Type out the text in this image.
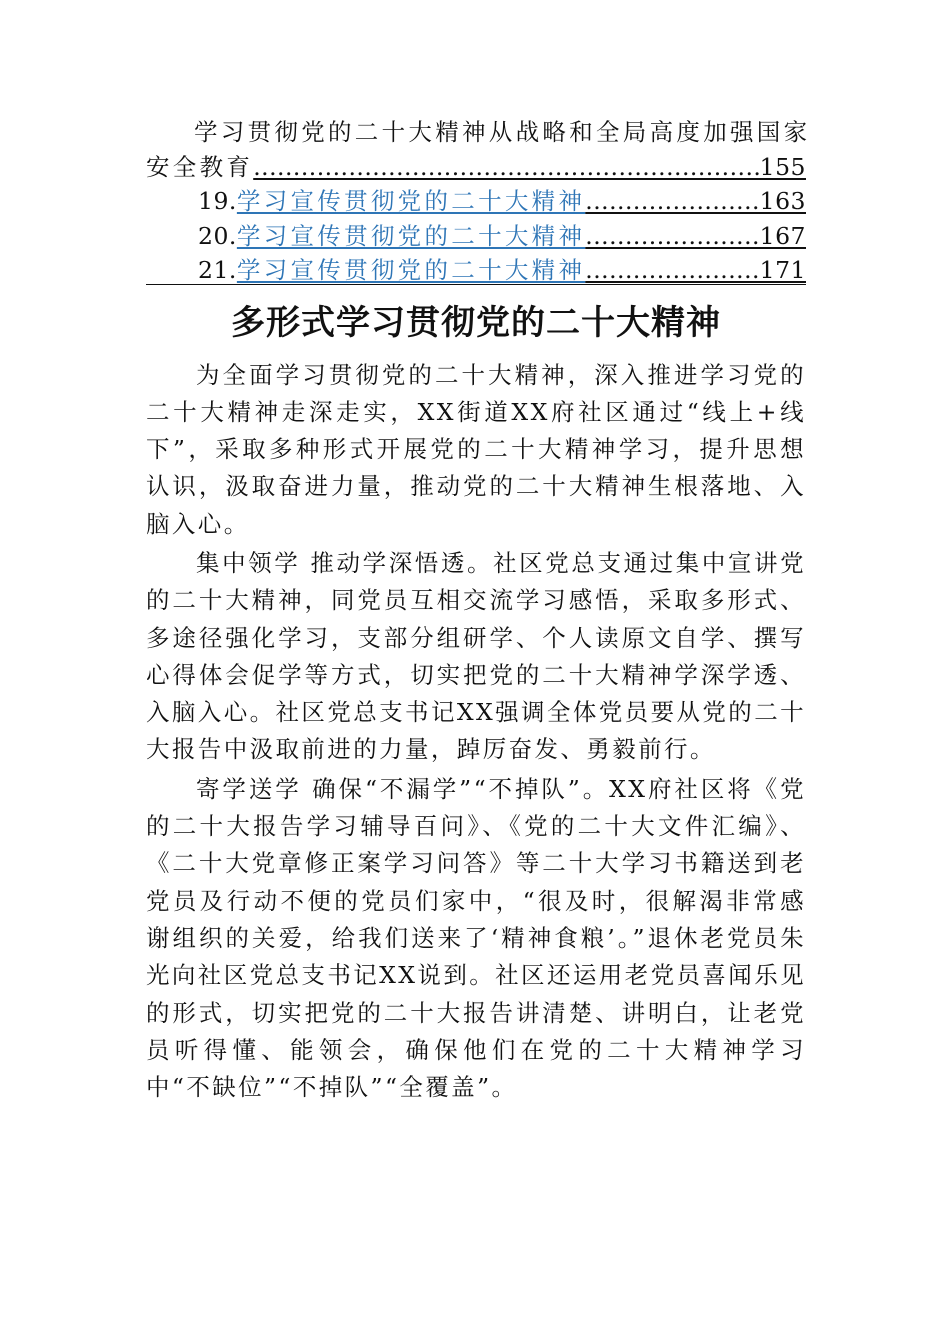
学习贯彻党的二十大精神从战略和全局高度加强国家
安全教育 . . .	155
19. 学习宣传贯彻党的二十大精神 . . .	163
20. 学习宣传贯彻党的二十大精神 . . .	167
21. 学习宣传贯彻党的二十大精神 . . .	171
多形式学习贯彻党的二十大精神

为全面学习贯彻党的二十大精神，深入推进学习党的二十大精神走深走实，XX街道XX府社区通过“线上+线下”，采取多种形式开展党的二十大精神学习，提升思想认识，汲取奋进力量，推动党的二十大精神生根落地、入脑入心。

集中领学 推动学深悟透。社区党总支通过集中宣讲党的二十大精神，同党员互相交流学习感悟，采取多形式、多途径强化学习，支部分组研学、个人读原文自学、撰写心得体会促学等方式，切实把党的二十大精神学深学透、入脑入心。社区党总支书记XX强调全体党员要从党的二十大报告中汲取前进的力量，踔厉奋发、勇毅前行。

寄学送学 确保“不漏学”“不掉队”。XX府社区将《党的二十大报告学习辅导百问》、《党的二十大文件汇编》、《二十大党章修正案学习问答》等二十大学习书籍送到老党员及行动不便的党员们家中，“很及时，很解渴非常感谢组织的关爱，给我们送来了‘精神食粮’。”退休老党员朱光向社区党总支书记XX说到。社区还运用老党员喜闻乐见的形式，切实把党的二十大报告讲清楚、讲明白，让老党员听得懂、能领会，确保他们在党的二十大精神学习中“不缺位”“不掉队”“全覆盖”。
